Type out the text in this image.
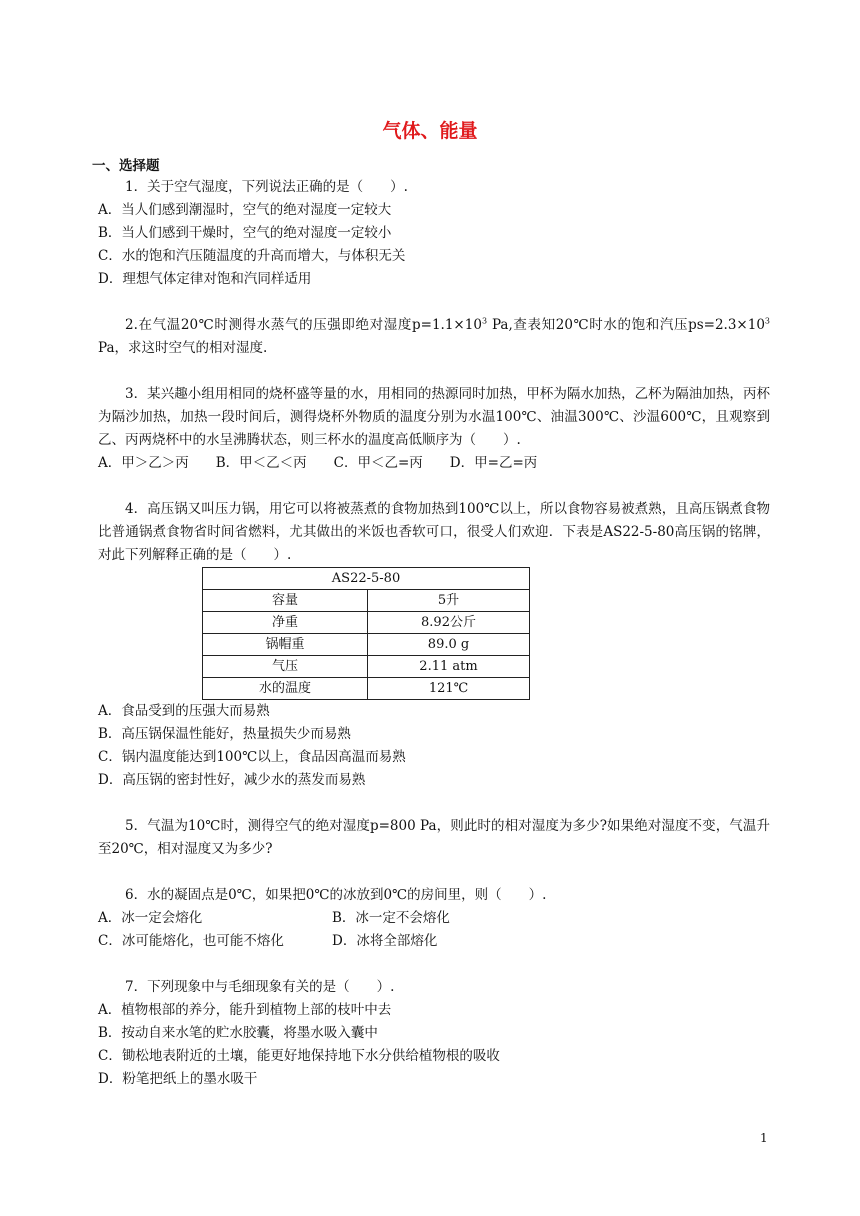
气体、能量
一、选择题

1．关于空气湿度，下列说法正确的是（　　）.

A．当人们感到潮湿时，空气的绝对湿度一定较大

B．当人们感到干燥时，空气的绝对湿度一定较小

C．水的饱和汽压随温度的升高而增大，与体积无关

D．理想气体定律对饱和汽同样适用

2.在气温20℃时测得水蒸气的压强即绝对湿度$p=1.1\times 10^3$ Pa,查表知20℃时水的饱和汽压$ps=2.3\times 10^3$ Pa，求这时空气的相对湿度.

3．某兴趣小组用相同的烧杯盛等量的水，用相同的热源同时加热，甲杯为隔水加热，乙杯为隔油加热，丙杯为隔沙加热，加热一段时间后，测得烧杯外物质的温度分别为水温100℃、油温300℃、沙温600℃，且观察到乙、丙两烧杯中的水呈沸腾状态，则三杯水的温度高低顺序为（　　）.

A．甲＞乙＞丙　　B．甲＜乙＜丙　　C．甲＜乙=丙　　D．甲=乙=丙

4．高压锅又叫压力锅，用它可以将被蒸煮的食物加热到100℃以上，所以食物容易被煮熟，且高压锅煮食物比普通锅煮食物省时间省燃料，尤其做出的米饭也香软可口，很受人们欢迎．下表是AS22-5-80高压锅的铭牌，对此下列解释正确的是（　　）.

AS22-5-80	
容量	5升
净重	8.92公斤
锅帽重	89.0 g
气压	2.11 atm
水的温度	121℃

A．食品受到的压强大而易熟

B．高压锅保温性能好，热量损失少而易熟

C．锅内温度能达到100℃以上，食品因高温而易熟

D．高压锅的密封性好，减少水的蒸发而易熟

5．气温为10℃时，测得空气的绝对湿度p=800 Pa，则此时的相对湿度为多少?如果绝对湿度不变，气温升至20℃，相对湿度又为多少?

6．水的凝固点是0℃，如果把0℃的冰放到0℃的房间里，则（　　）.

A．冰一定会熔化	B．冰一定不会熔化
C．冰可能熔化，也可能不熔化	D．冰将全部熔化

7．下列现象中与毛细现象有关的是（　　）.

A．植物根部的养分，能升到植物上部的枝叶中去

B．按动自来水笔的贮水胶囊，将墨水吸入囊中

C．锄松地表附近的土壤，能更好地保持地下水分供给植物根的吸收

D．粉笔把纸上的墨水吸干

1
